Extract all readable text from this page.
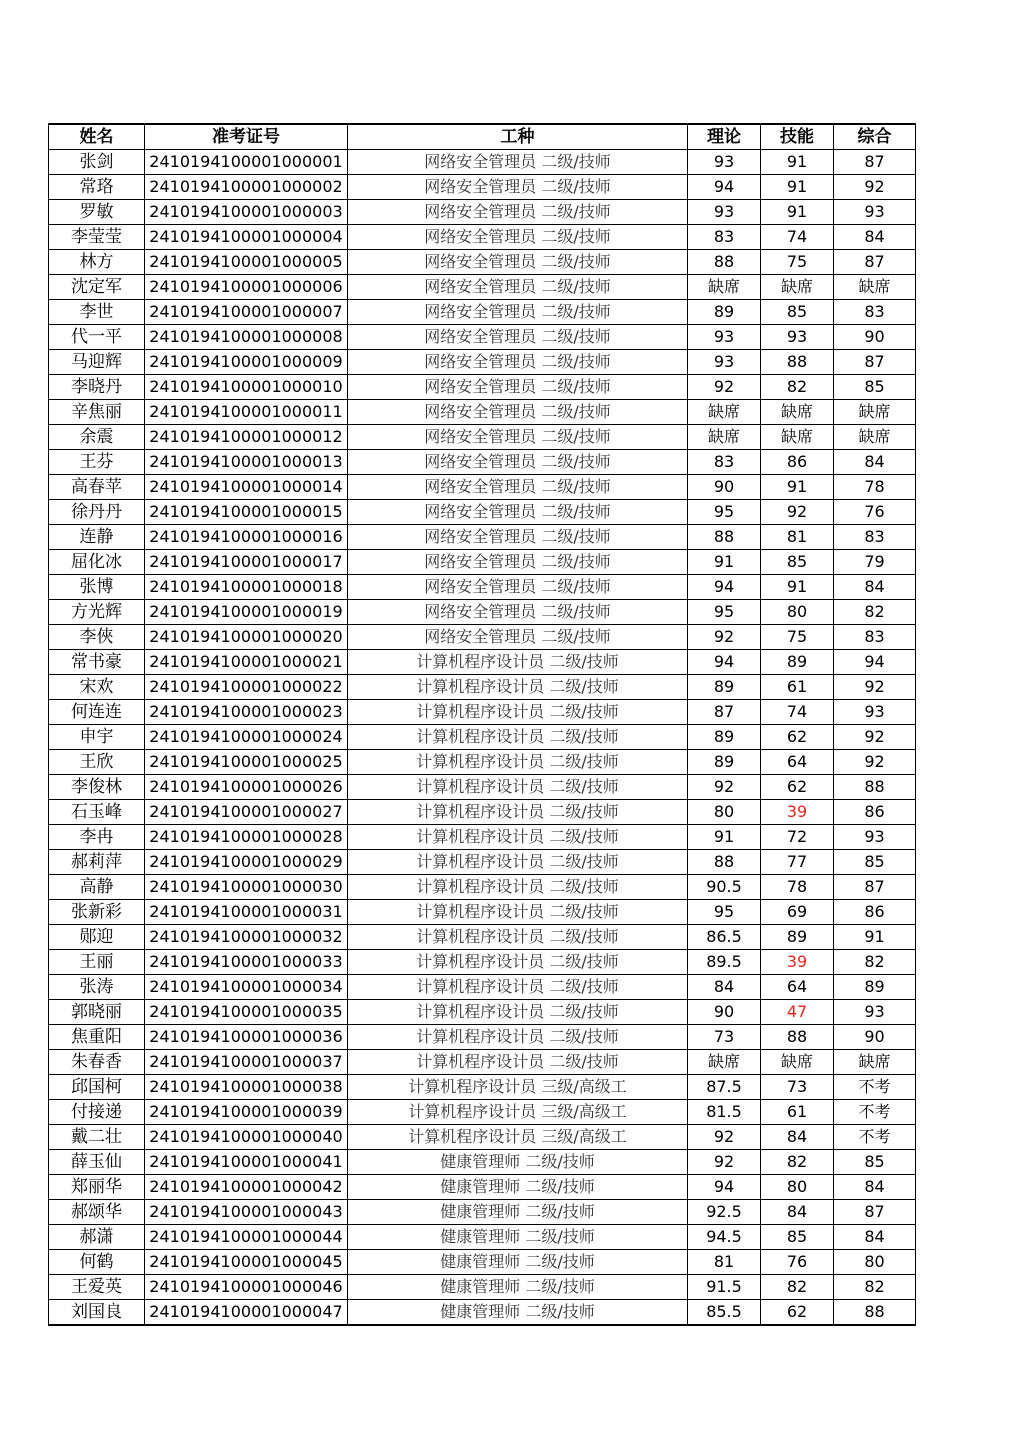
姓名	准考证号	工种	理论	技能	综合
张剑	2410194100001000001	网络安全管理员 二级/技师	93	91	87
常珞	2410194100001000002	网络安全管理员 二级/技师	94	91	92
罗敏	2410194100001000003	网络安全管理员 二级/技师	93	91	93
李莹莹	2410194100001000004	网络安全管理员 二级/技师	83	74	84
林方	2410194100001000005	网络安全管理员 二级/技师	88	75	87
沈定军	2410194100001000006	网络安全管理员 二级/技师	缺席	缺席	缺席
李世	2410194100001000007	网络安全管理员 二级/技师	89	85	83
代一平	2410194100001000008	网络安全管理员 二级/技师	93	93	90
马迎辉	2410194100001000009	网络安全管理员 二级/技师	93	88	87
李晓丹	2410194100001000010	网络安全管理员 二级/技师	92	82	85
辛焦丽	2410194100001000011	网络安全管理员 二级/技师	缺席	缺席	缺席
余震	2410194100001000012	网络安全管理员 二级/技师	缺席	缺席	缺席
王芬	2410194100001000013	网络安全管理员 二级/技师	83	86	84
高春苹	2410194100001000014	网络安全管理员 二级/技师	90	91	78
徐丹丹	2410194100001000015	网络安全管理员 二级/技师	95	92	76
连静	2410194100001000016	网络安全管理员 二级/技师	88	81	83
屈化冰	2410194100001000017	网络安全管理员 二级/技师	91	85	79
张博	2410194100001000018	网络安全管理员 二级/技师	94	91	84
方光辉	2410194100001000019	网络安全管理员 二级/技师	95	80	82
李俠	2410194100001000020	网络安全管理员 二级/技师	92	75	83
常书豪	2410194100001000021	计算机程序设计员 二级/技师	94	89	94
宋欢	2410194100001000022	计算机程序设计员 二级/技师	89	61	92
何连连	2410194100001000023	计算机程序设计员 二级/技师	87	74	93
申宇	2410194100001000024	计算机程序设计员 二级/技师	89	62	92
王欣	2410194100001000025	计算机程序设计员 二级/技师	89	64	92
李俊林	2410194100001000026	计算机程序设计员 二级/技师	92	62	88
石玉峰	2410194100001000027	计算机程序设计员 二级/技师	80	39	86
李冉	2410194100001000028	计算机程序设计员 二级/技师	91	72	93
郝莉萍	2410194100001000029	计算机程序设计员 二级/技师	88	77	85
高静	2410194100001000030	计算机程序设计员 二级/技师	90.5	78	87
张新彩	2410194100001000031	计算机程序设计员 二级/技师	95	69	86
郧迎	2410194100001000032	计算机程序设计员 二级/技师	86.5	89	91
王丽	2410194100001000033	计算机程序设计员 二级/技师	89.5	39	82
张涛	2410194100001000034	计算机程序设计员 二级/技师	84	64	89
郭晓丽	2410194100001000035	计算机程序设计员 二级/技师	90	47	93
焦重阳	2410194100001000036	计算机程序设计员 二级/技师	73	88	90
朱春香	2410194100001000037	计算机程序设计员 二级/技师	缺席	缺席	缺席
邱国柯	2410194100001000038	计算机程序设计员 三级/高级工	87.5	73	不考
付接递	2410194100001000039	计算机程序设计员 三级/高级工	81.5	61	不考
戴二壮	2410194100001000040	计算机程序设计员 三级/高级工	92	84	不考
薛玉仙	2410194100001000041	健康管理师 二级/技师	92	82	85
郑丽华	2410194100001000042	健康管理师 二级/技师	94	80	84
郝颂华	2410194100001000043	健康管理师 二级/技师	92.5	84	87
郝潇	2410194100001000044	健康管理师 二级/技师	94.5	85	84
何鹤	2410194100001000045	健康管理师 二级/技师	81	76	80
王爱英	2410194100001000046	健康管理师 二级/技师	91.5	82	82
刘国良	2410194100001000047	健康管理师 二级/技师	85.5	62	88
